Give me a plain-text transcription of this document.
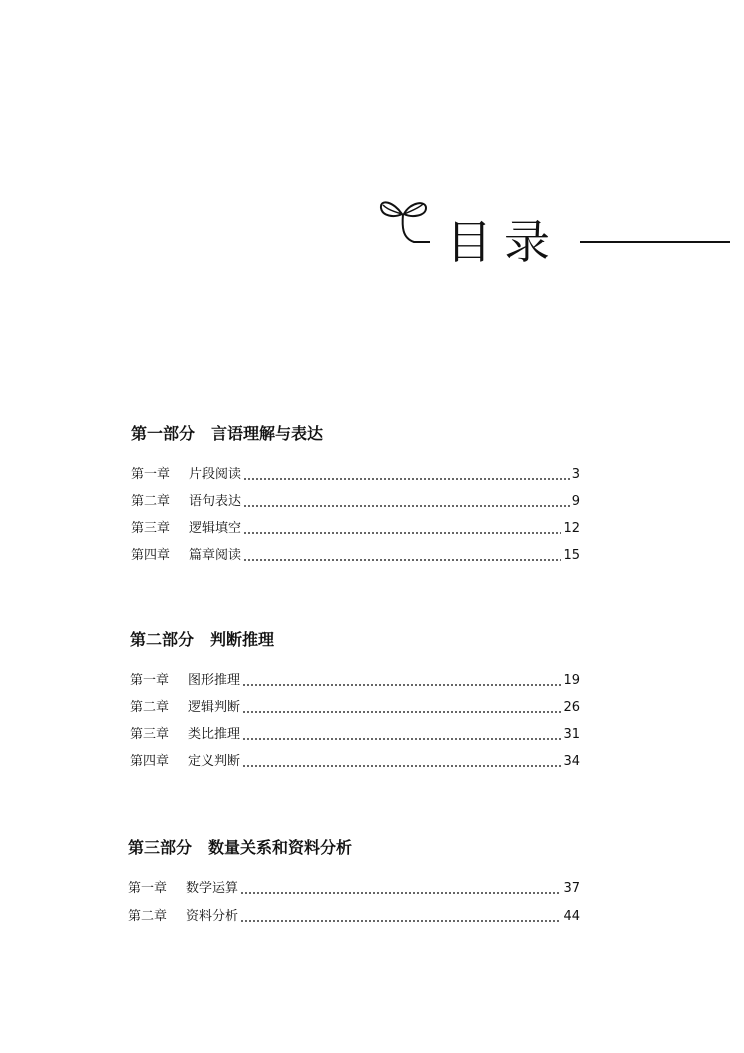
目录
第一部分 言语理解与表达
第一章	片段阅读	3
第二章	语句表达	9
第三章	逻辑填空	12
第四章	篇章阅读	15
第二部分 判断推理
第一章	图形推理	19
第二章	逻辑判断	26
第三章	类比推理	31
第四章	定义判断	34
第三部分 数量关系和资料分析
第一章	数学运算	37
第二章	资料分析	44
